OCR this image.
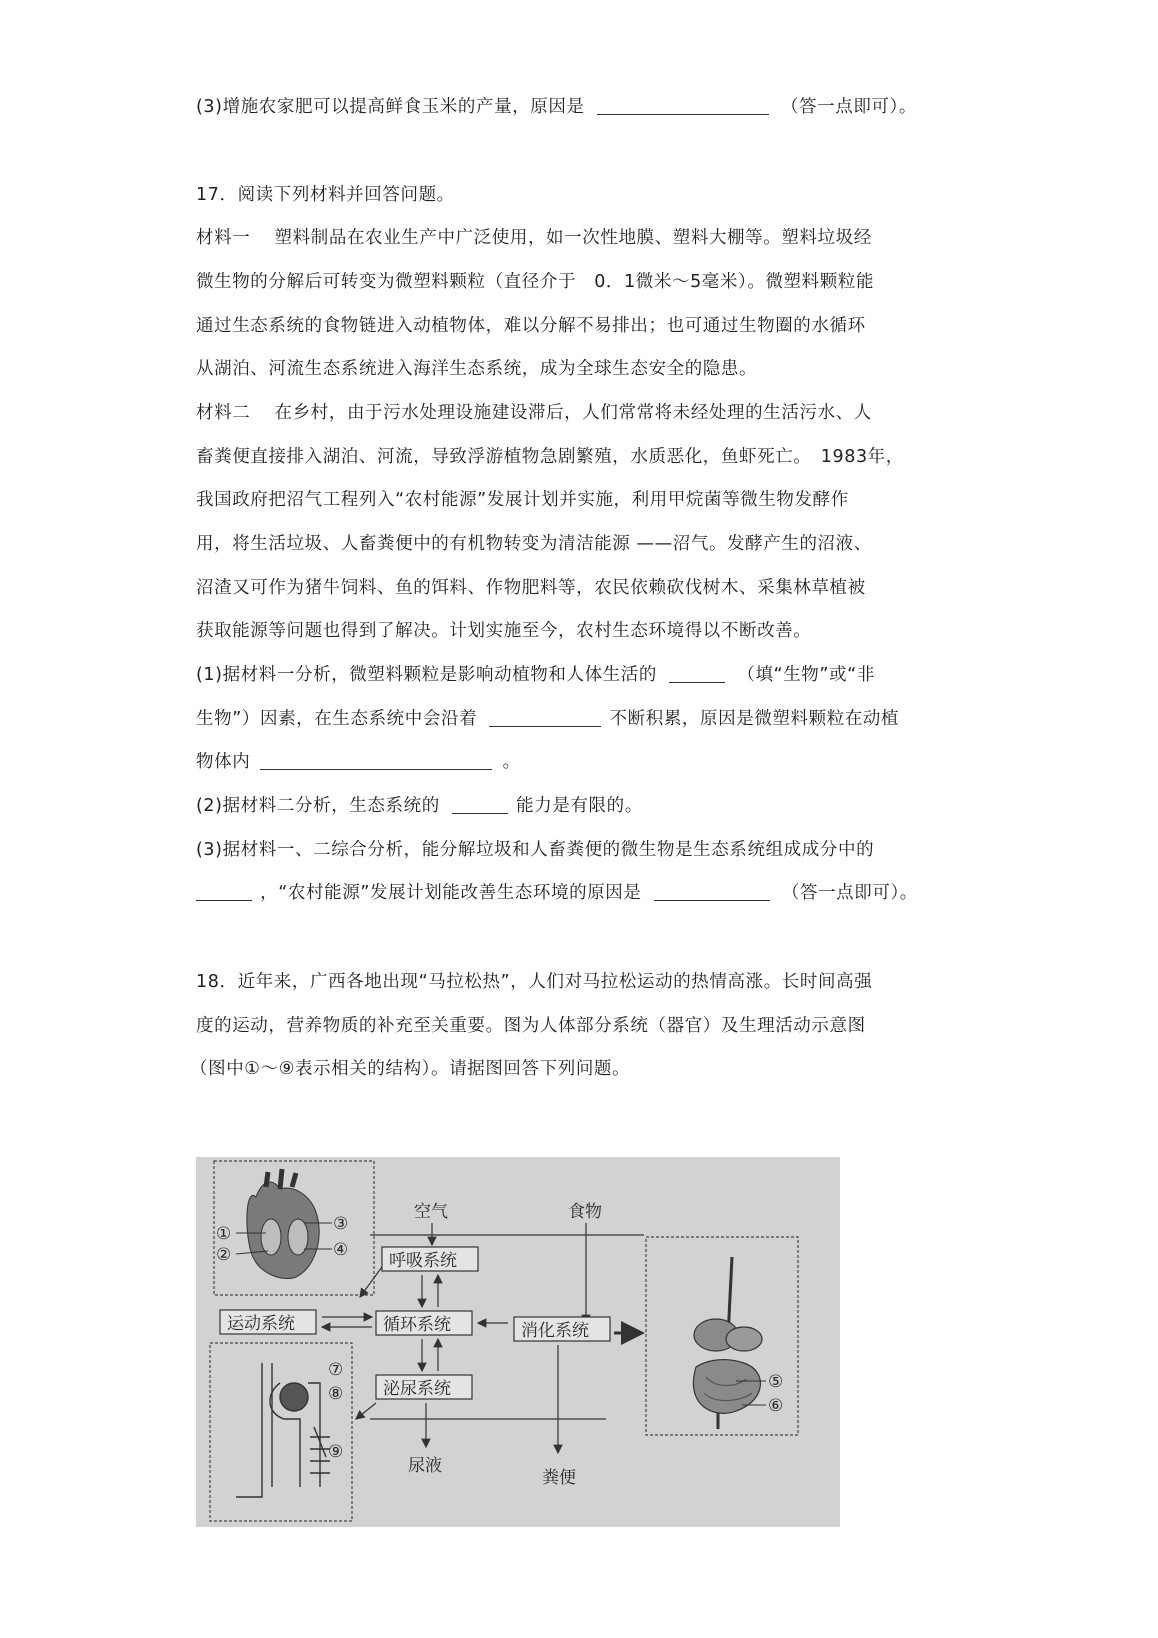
(3)增施农家肥可以提高鲜食玉米的产量，原因是	（答一点即可）。
17．阅读下列材料并回答问题。
材料一　 塑料制品在农业生产中广泛使用，如一次性地膜、塑料大棚等。塑料垃圾经
微生物的分解后可转变为微塑料颗粒（直径介于　0．1微米～5毫米）。微塑料颗粒能
通过生态系统的食物链进入动植物体，难以分解不易排出；也可通过生物圈的水循环
从湖泊、河流生态系统进入海洋生态系统，成为全球生态安全的隐患。
材料二　 在乡村，由于污水处理设施建设滞后，人们常常将未经处理的生活污水、人
畜粪便直接排入湖泊、河流，导致浮游植物急剧繁殖，水质恶化，鱼虾死亡。　1983年，
我国政府把沼气工程列入“农村能源”发展计划并实施，利用甲烷菌等微生物发酵作
用，将生活垃圾、人畜粪便中的有机物转变为清洁能源 ——沼气。发酵产生的沼液、
沼渣又可作为猪牛饲料、鱼的饵料、作物肥料等，农民依赖砍伐树木、采集林草植被
获取能源等问题也得到了解决。计划实施至今，农村生态环境得以不断改善。
(1)据材料一分析，微塑料颗粒是影响动植物和人体生活的	（填“生物”或“非
生物”）因素，在生态系统中会沿着	不断积累，原因是微塑料颗粒在动植
物体内	。
(2)据材料二分析，生态系统的	能力是有限的。
(3)据材料一、二综合分析，能分解垃圾和人畜粪便的微生物是生态系统组成成分中的
，“农村能源”发展计划能改善生态环境的原因是	（答一点即可）。
18．近年来，广西各地出现“马拉松热”，人们对马拉松运动的热情高涨。长时间高强
度的运动，营养物质的补充至关重要。图为人体部分系统（器官）及生理活动示意图
（图中①～⑨表示相关的结构）。请据图回答下列问题。
①
②
③
④
空气	食物
呼吸系统
运动系统	循环系统	消化系统
泌尿系统
尿液
粪便
⑦
⑧
⑨
⑤
⑥
